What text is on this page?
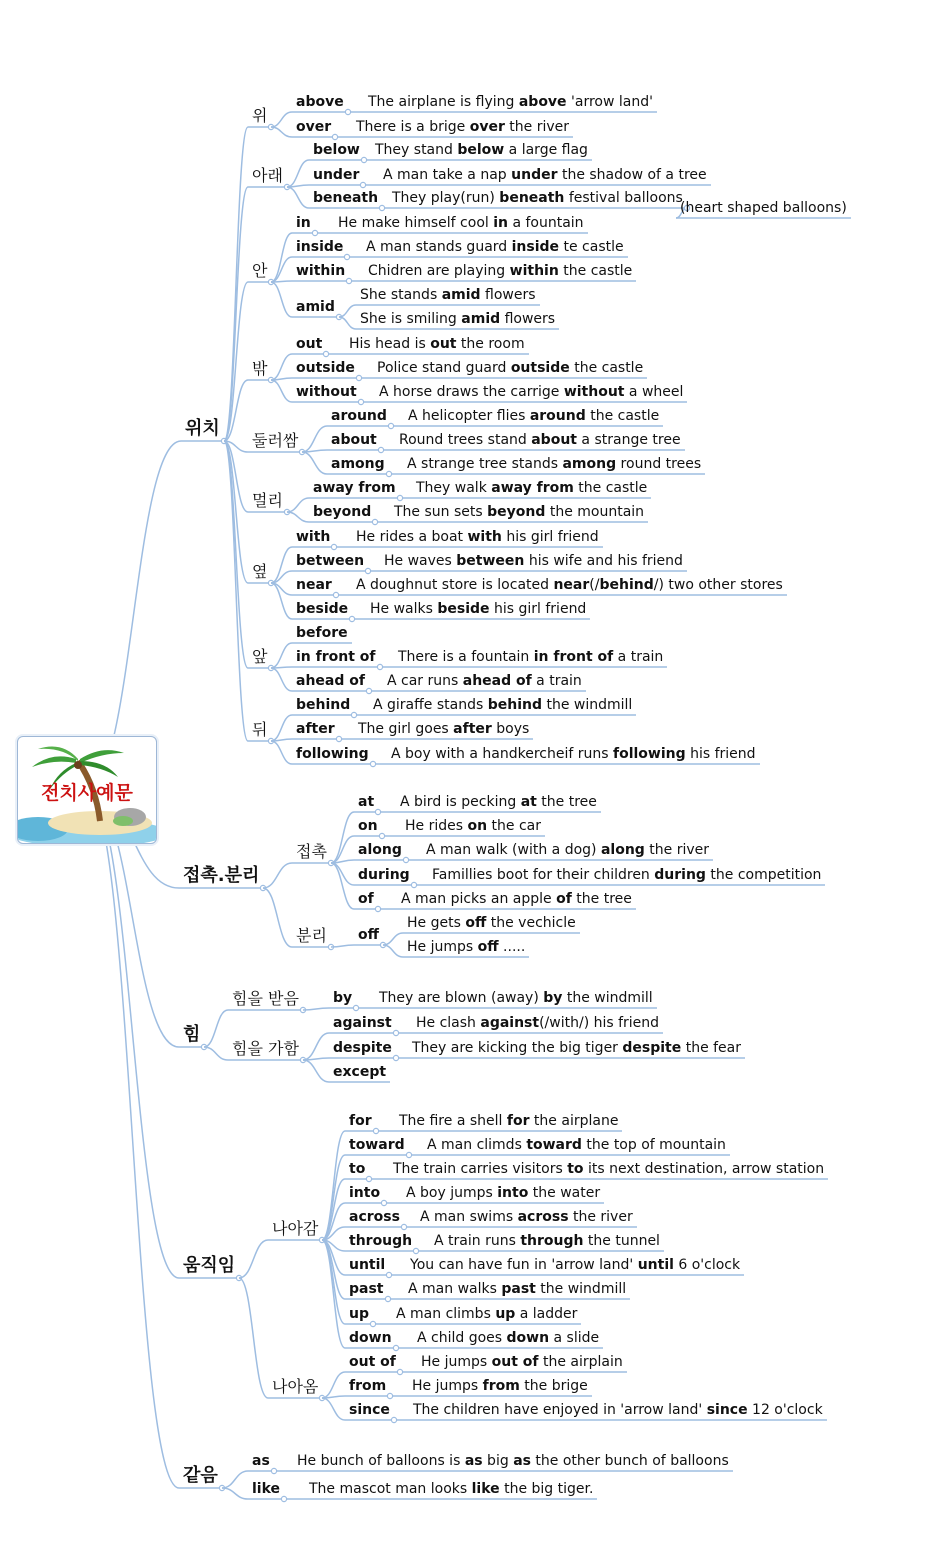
전치사예문
위치
위
above The airplane is flying above 'arrow land'
over There is a brige over the river
아래
below They stand below a large flag
under A man take a nap under the shadow of a tree
beneath They play(run) beneath festival balloons
(heart shaped balloons)
안
in He make himself cool in a fountain
inside A man stands guard inside te castle
within Chidren are playing within the castle
amid
She stands amid flowers
She is smiling amid flowers
밖
out His head is out the room
outside Police stand guard outside the castle
without A horse draws the carrige without a wheel
둘러쌈
around A helicopter flies around the castle
about Round trees stand about a strange tree
among A strange tree stands among round trees
멀리
away from They walk away from the castle
beyond The sun sets beyond the mountain
옆
with He rides a boat with his girl friend
between He waves between his wife and his friend
near A doughnut store is located near(/behind/) two other stores
beside He walks beside his girl friend
앞
before
in front of There is a fountain in front of a train
ahead of A car runs ahead of a train
뒤
behind A giraffe stands behind the windmill
after The girl goes after boys
following A boy with a handkercheif runs following his friend
접촉.분리
접촉
at A bird is pecking at the tree
on He rides on the car
along A man walk (with a dog) along the river
during Famillies boot for their children during the competition
of A man picks an apple of the tree
분리 off
He gets off the vechicle
He jumps off .....
힘
힘을 받음 by They are blown (away) by the windmill
힘을 가함
against He clash against(/with/) his friend
despite They are kicking the big tiger despite the fear
except
움직임
나아감
for The fire a shell for the airplane
toward A man climds toward the top of mountain
to The train carries visitors to its next destination, arrow station
into A boy jumps into the water
across A man swims across the river
through A train runs through the tunnel
until You can have fun in 'arrow land' until 6 o'clock
past A man walks past the windmill
up A man climbs up a ladder
down A child goes down a slide
나아옴
out of He jumps out of the airplain
from He jumps from the brige
since The children have enjoyed in 'arrow land' since 12 o'clock
같음
as He bunch of balloons is as big as the other bunch of balloons
like The mascot man looks like the big tiger.
